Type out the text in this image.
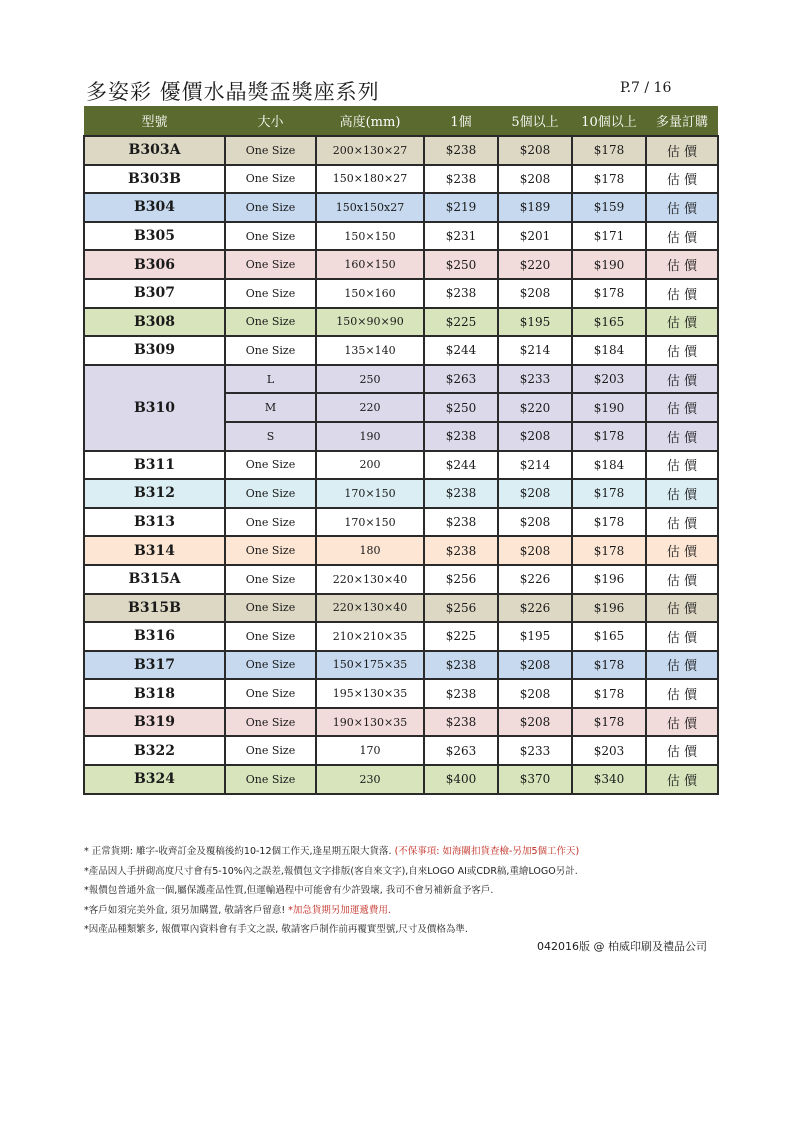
多姿彩 優價水晶獎盃獎座系列	P.7 / 16
型號	大小	高度(mm)	1個	5個以上	10個以上	多量訂購
B303A	One Size	200×130×27	$238	$208	$178	估 價
B303B	One Size	150×180×27	$238	$208	$178	估 價
B304	One Size	150x150x27	$219	$189	$159	估 價
B305	One Size	150×150	$231	$201	$171	估 價
B306	One Size	160×150	$250	$220	$190	估 價
B307	One Size	150×160	$238	$208	$178	估 價
B308	One Size	150×90×90	$225	$195	$165	估 價
B309	One Size	135×140	$244	$214	$184	估 價
B310	L	250	$263	$233	$203	估 價
	M	220	$250	$220	$190	估 價
	S	190	$238	$208	$178	估 價
B311	One Size	200	$244	$214	$184	估 價
B312	One Size	170×150	$238	$208	$178	估 價
B313	One Size	170×150	$238	$208	$178	估 價
B314	One Size	180	$238	$208	$178	估 價
B315A	One Size	220×130×40	$256	$226	$196	估 價
B315B	One Size	220×130×40	$256	$226	$196	估 價
B316	One Size	210×210×35	$225	$195	$165	估 價
B317	One Size	150×175×35	$238	$208	$178	估 價
B318	One Size	195×130×35	$238	$208	$178	估 價
B319	One Size	190×130×35	$238	$208	$178	估 價
B322	One Size	170	$263	$233	$203	估 價
B324	One Size	230	$400	$370	$340	估 價
* 正常貨期: 雕字-收齊訂金及覆稿後約10-12個工作天,逢星期五限大貨落. (不保事項: 如海關扣貨查檢-另加5個工作天)
*產品因人手拼砌高度尺寸會有5-10%內之誤差,報價包文字排版(客自來文字),自來LOGO AI或CDR稿,重繪LOGO另計.
*報價包普通外盒一個,屬保護產品性質,但運輸過程中可能會有少許毀壞, 我司不會另補新盒予客戶.
*客戶如須完美外盒, 須另加購置, 敬請客戶留意! *加急貨期另加運遞費用.
*因產品種類繁多, 報價單內資料會有手文之誤, 敬請客戶制作前再覆實型號,尺寸及價格為準.
042016版 @ 柏威印刷及禮品公司
